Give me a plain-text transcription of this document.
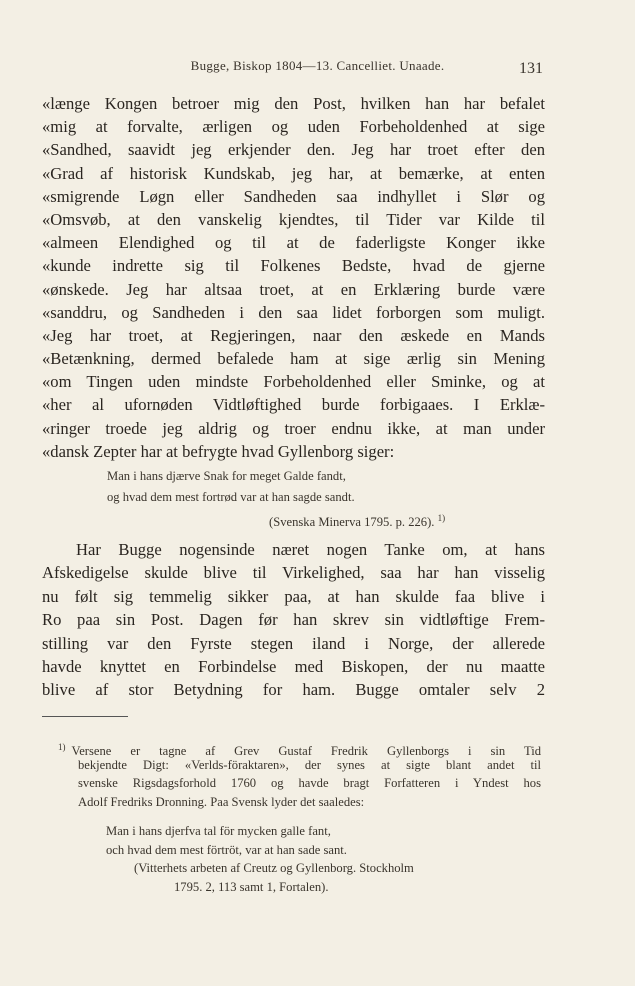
Bugge, Biskop 1804—13. Cancelliet. Unaade.	131
«længe Kongen betroer mig den Post, hvilken han har befalet
«mig at forvalte, ærligen og uden Forbeholdenhed at sige
«Sandhed, saavidt jeg erkjender den. Jeg har troet efter den
«Grad af historisk Kundskab, jeg har, at bemærke, at enten
«smigrende Løgn eller Sandheden saa indhyllet i Slør og
«Omsvøb, at den vanskelig kjendtes, til Tider var Kilde til
«almeen Elendighed og til at de faderligste Konger ikke
«kunde indrette sig til Folkenes Bedste, hvad de gjerne
«ønskede. Jeg har altsaa troet, at en Erklæring burde være
«sanddru, og Sandheden i den saa lidet forborgen som muligt.
«Jeg har troet, at Regjeringen, naar den æskede en Mands
«Betænkning, dermed befalede ham at sige ærlig sin Mening
«om Tingen uden mindste Forbeholdenhed eller Sminke, og at
«her al ufornøden Vidtløftighed burde forbigaaes. I Erklæ-
«ringer troede jeg aldrig og troer endnu ikke, at man under
«dansk Zepter har at befrygte hvad Gyllenborg siger:
Man i hans djærve Snak for meget Galde fandt,
og hvad dem mest fortrød var at han sagde sandt.
(Svenska Minerva 1795. p. 226). $^{1)}$
Har Bugge nogensinde næret nogen Tanke om, at hans
Afskedigelse skulde blive til Virkelighed, saa har han visselig
nu følt sig temmelig sikker paa, at han skulde faa blive i
Ro paa sin Post. Dagen før han skrev sin vidtløftige Frem-
stilling var den Fyrste stegen iland i Norge, der allerede
havde knyttet en Forbindelse med Biskopen, der nu maatte
blive af stor Betydning for ham. Bugge omtaler selv 2
$^{1)}$ Versene er tagne af Grev Gustaf Fredrik Gyllenborgs i sin Tid
bekjendte Digt: «Verlds-föraktaren», der synes at sigte blant andet til
svenske Rigsdagsforhold 1760 og havde bragt Forfatteren i Yndest hos
Adolf Fredriks Dronning. Paa Svensk lyder det saaledes:
Man i hans djerfva tal för mycken galle fant,
och hvad dem mest förtröt, var at han sade sant.
(Vitterhets arbeten af Creutz og Gyllenborg. Stockholm
1795. 2, 113 samt 1, Fortalen).
